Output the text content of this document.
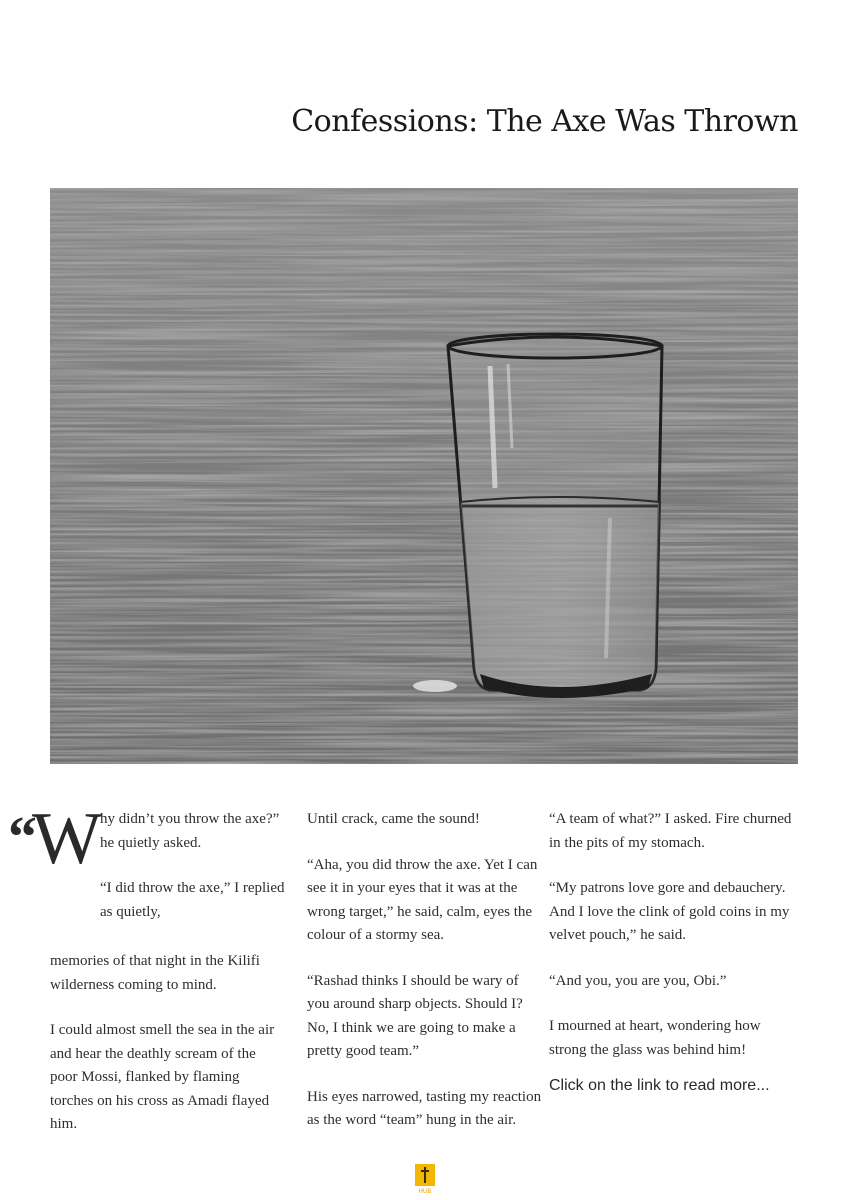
Confessions: The Axe Was Thrown
“
W

hy didn’t you throw the axe?” he quietly asked.

“I did throw the axe,” I replied as quietly,

memories of that night in the Kilifi wilderness coming to mind.

I could almost smell the sea in the air and hear the deathly scream of the poor Mossi, flanked by flaming torches on his cross as Amadi flayed him.

Until crack, came the sound!

“Aha, you did throw the axe. Yet I can see it in your eyes that it was at the wrong target,” he said, calm, eyes the colour of a stormy sea.

“Rashad thinks I should be wary of you around sharp objects. Should I? No, I think we are going to make a pretty good team.”

His eyes narrowed, tasting my reaction as the word “team” hung in the air.

“A team of what?” I asked. Fire churned in the pits of my stomach.

“My patrons love gore and debauchery. And I love the clink of gold coins in my velvet pouch,” he said.

“And you, you are you, Obi.”

I mourned at heart, wondering how strong the glass was behind him!

Click on the link to read more...
HUB
